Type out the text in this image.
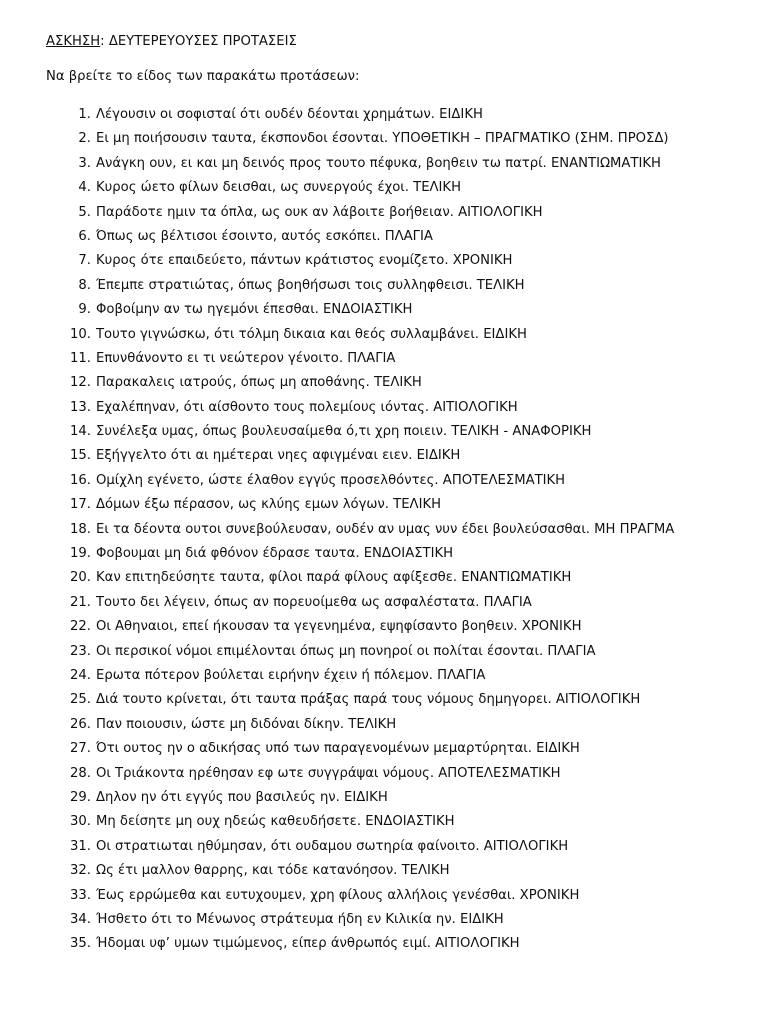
ΑΣΚΗΣΗ: ΔΕΥΤΕΡΕΥΟΥΣΕΣ ΠΡΟΤΑΣΕΙΣ
Να βρείτε το είδος των παρακάτω προτάσεων:
1. Λέγουσιν οι σοφισταί ότι ουδέν δέονται χρημάτων. ΕΙΔΙΚΗ
2. Ει μη ποιήσουσιν ταυτα, έκσπονδοι έσονται. ΥΠΟΘΕΤΙΚΗ – ΠΡΑΓΜΑΤΙΚΟ (ΣΗΜ. ΠΡΟΣΔ)
3. Ανάγκη ουν, ει και μη δεινός προς τουτο πέφυκα, βοηθειν τω πατρί. ΕΝΑΝΤΙΩΜΑΤΙΚΗ
4. Κυρος ώετο φίλων δεισθαι, ως συνεργούς έχοι. ΤΕΛΙΚΗ
5. Παράδοτε ημιν τα όπλα, ως ουκ αν λάβοιτε βοήθειαν. ΑΙΤΙΟΛΟΓΙΚΗ
6. Όπως ως βέλτισοι έσοιντο, αυτός εσκόπει. ΠΛΑΓΙΑ
7. Κυρος ότε επαιδεύετο, πάντων κράτιστος ενομίζετο. ΧΡΟΝΙΚΗ
8. Έπεμπε στρατιώτας, όπως βοηθήσωσι τοις συλληφθεισι. ΤΕΛΙΚΗ
9. Φοβοίμην αν τω ηγεμόνι έπεσθαι. ΕΝΔΟΙΑΣΤΙΚΗ
10. Τουτο γιγνώσκω, ότι τόλμη δικαια και θεός συλλαμβάνει. ΕΙΔΙΚΗ
11. Επυνθάνοντο ει τι νεώτερον γένοιτο. ΠΛΑΓΙΑ
12. Παρακαλεις ιατρούς, όπως μη αποθάνης. ΤΕΛΙΚΗ
13. Εχαλέπηναν, ότι αίσθοντο τους πολεμίους ιόντας. ΑΙΤΙΟΛΟΓΙΚΗ
14. Συνέλεξα υμας, όπως βουλευσαίμεθα ό,τι χρη ποιειν. ΤΕΛΙΚΗ - ΑΝΑΦΟΡΙΚΗ
15. Εξήγγελτο ότι αι ημέτεραι νηες αφιγμέναι ειεν. ΕΙΔΙΚΗ
16. Ομίχλη εγένετο, ώστε έλαθον εγγύς προσελθόντες. ΑΠΟΤΕΛΕΣΜΑΤΙΚΗ
17. Δόμων έξω πέρασον, ως κλύης εμων λόγων. ΤΕΛΙΚΗ
18. Ει τα δέοντα ουτοι συνεβούλευσαν, ουδέν αν υμας νυν έδει βουλεύσασθαι. ΜΗ ΠΡΑΓΜΑ
19. Φοβουμαι μη διά φθόνον έδρασε ταυτα. ΕΝΔΟΙΑΣΤΙΚΗ
20. Καν επιτηδεύσητε ταυτα, φίλοι παρά φίλους αφίξεσθε. ΕΝΑΝΤΙΩΜΑΤΙΚΗ
21. Τουτο δει λέγειν, όπως αν πορευοίμεθα ως ασφαλέστατα. ΠΛΑΓΙΑ
22. Οι Αθηναιοι, επεί ήκουσαν τα γεγενημένα, εψηφίσαντο βοηθειν. ΧΡΟΝΙΚΗ
23. Οι περσικοί νόμοι επιμέλονται όπως μη πονηροί οι πολίται έσονται. ΠΛΑΓΙΑ
24. Ερωτα πότερον βούλεται ειρήνην έχειν ή πόλεμον. ΠΛΑΓΙΑ
25. Διά τουτο κρίνεται, ότι ταυτα πράξας παρά τους νόμους δημηγορει. ΑΙΤΙΟΛΟΓΙΚΗ
26. Παν ποιουσιν, ώστε μη διδόναι δίκην. ΤΕΛΙΚΗ
27. Ότι ουτος ην ο αδικήσας υπό των παραγενομένων μεμαρτύρηται. ΕΙΔΙΚΗ
28. Οι Τριάκοντα ηρέθησαν εφ ωτε συγγράψαι νόμους. ΑΠΟΤΕΛΕΣΜΑΤΙΚΗ
29. Δηλον ην ότι εγγύς που βασιλεύς ην. ΕΙΔΙΚΗ
30. Μη δείσητε μη ουχ ηδεώς καθευδήσετε. ΕΝΔΟΙΑΣΤΙΚΗ
31. Οι στρατιωται ηθύμησαν, ότι ουδαμου σωτηρία φαίνοιτο. ΑΙΤΙΟΛΟΓΙΚΗ
32. Ως έτι μαλλον θαρρης, και τόδε κατανόησον. ΤΕΛΙΚΗ
33. Έως ερρώμεθα και ευτυχουμεν, χρη φίλους αλλήλοις γενέσθαι. ΧΡΟΝΙΚΗ
34. Ήσθετο ότι το Μένωνος στράτευμα ήδη εν Κιλικία ην. ΕΙΔΙΚΗ
35. Ήδομαι υφ’ υμων τιμώμενος, είπερ άνθρωπός ειμί. ΑΙΤΙΟΛΟΓΙΚΗ
